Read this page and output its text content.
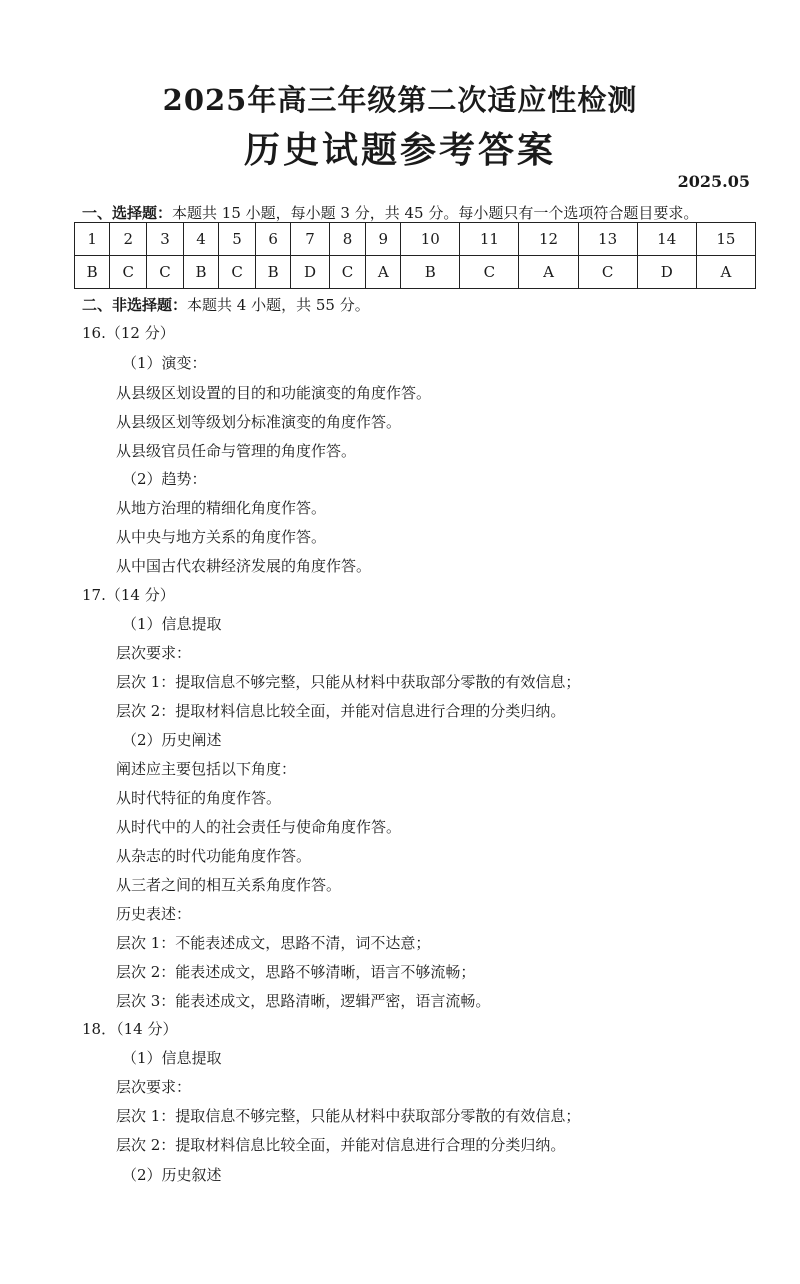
2025年高三年级第二次适应性检测
历史试题参考答案
2025.05
一、选择题：本题共 15 小题，每小题 3 分，共 45 分。每小题只有一个选项符合题目要求。
1	2	3	4	5	6	7	8	9	10	11	12	13	14	15
B	C	C	B	C	B	D	C	A	B	C	A	C	D	A
二、非选择题：本题共 4 小题，共 55 分。
16.（12 分）
（1）演变：
从县级区划设置的目的和功能演变的角度作答。
从县级区划等级划分标准演变的角度作答。
从县级官员任命与管理的角度作答。
（2）趋势：
从地方治理的精细化角度作答。
从中央与地方关系的角度作答。
从中国古代农耕经济发展的角度作答。
17.（14 分）
（1）信息提取
层次要求：
层次 1：提取信息不够完整，只能从材料中获取部分零散的有效信息；
层次 2：提取材料信息比较全面，并能对信息进行合理的分类归纳。
（2）历史阐述
阐述应主要包括以下角度：
从时代特征的角度作答。
从时代中的人的社会责任与使命角度作答。
从杂志的时代功能角度作答。
从三者之间的相互关系角度作答。
历史表述：
层次 1：不能表述成文，思路不清，词不达意；
层次 2：能表述成文，思路不够清晰，语言不够流畅；
层次 3：能表述成文，思路清晰，逻辑严密，语言流畅。
18．（14 分）
（1）信息提取
层次要求：
层次 1：提取信息不够完整，只能从材料中获取部分零散的有效信息；
层次 2：提取材料信息比较全面，并能对信息进行合理的分类归纳。
（2）历史叙述
